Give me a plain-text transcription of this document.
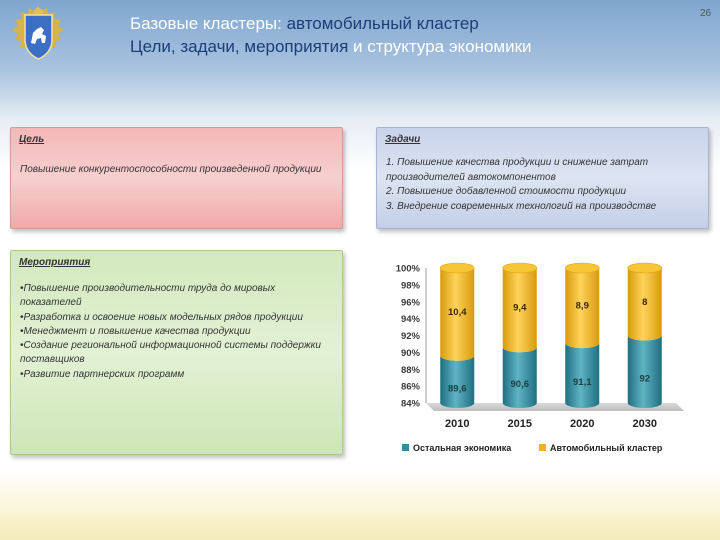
Базовые кластеры: автомобильный кластер
Цели, задачи, мероприятия и структура экономики
26
Цель
Повышение конкурентоспособности произведенной продукции
Задачи
1. Повышение качества продукции и снижение затрат производителей автокомпонентов
2. Повышение добавленной стоимости продукции
3. Внедрение современных технологий на производстве
Мероприятия
•Повышение производительности труда до мировых показателей
•Разработка и освоение новых модельных рядов продукции
•Менеджмент и повышение качества продукции
•Создание региональной информационной системы поддержки поставщиков
•Развитие партнерских программ
84%
86%
88%
90%
92%
94%
96%
98%
100%
89,6
10,4
2010
90,6
9,4
2015
91,1
8,9
2020
92
8
2030
Остальная экономика	Автомобильный кластер
